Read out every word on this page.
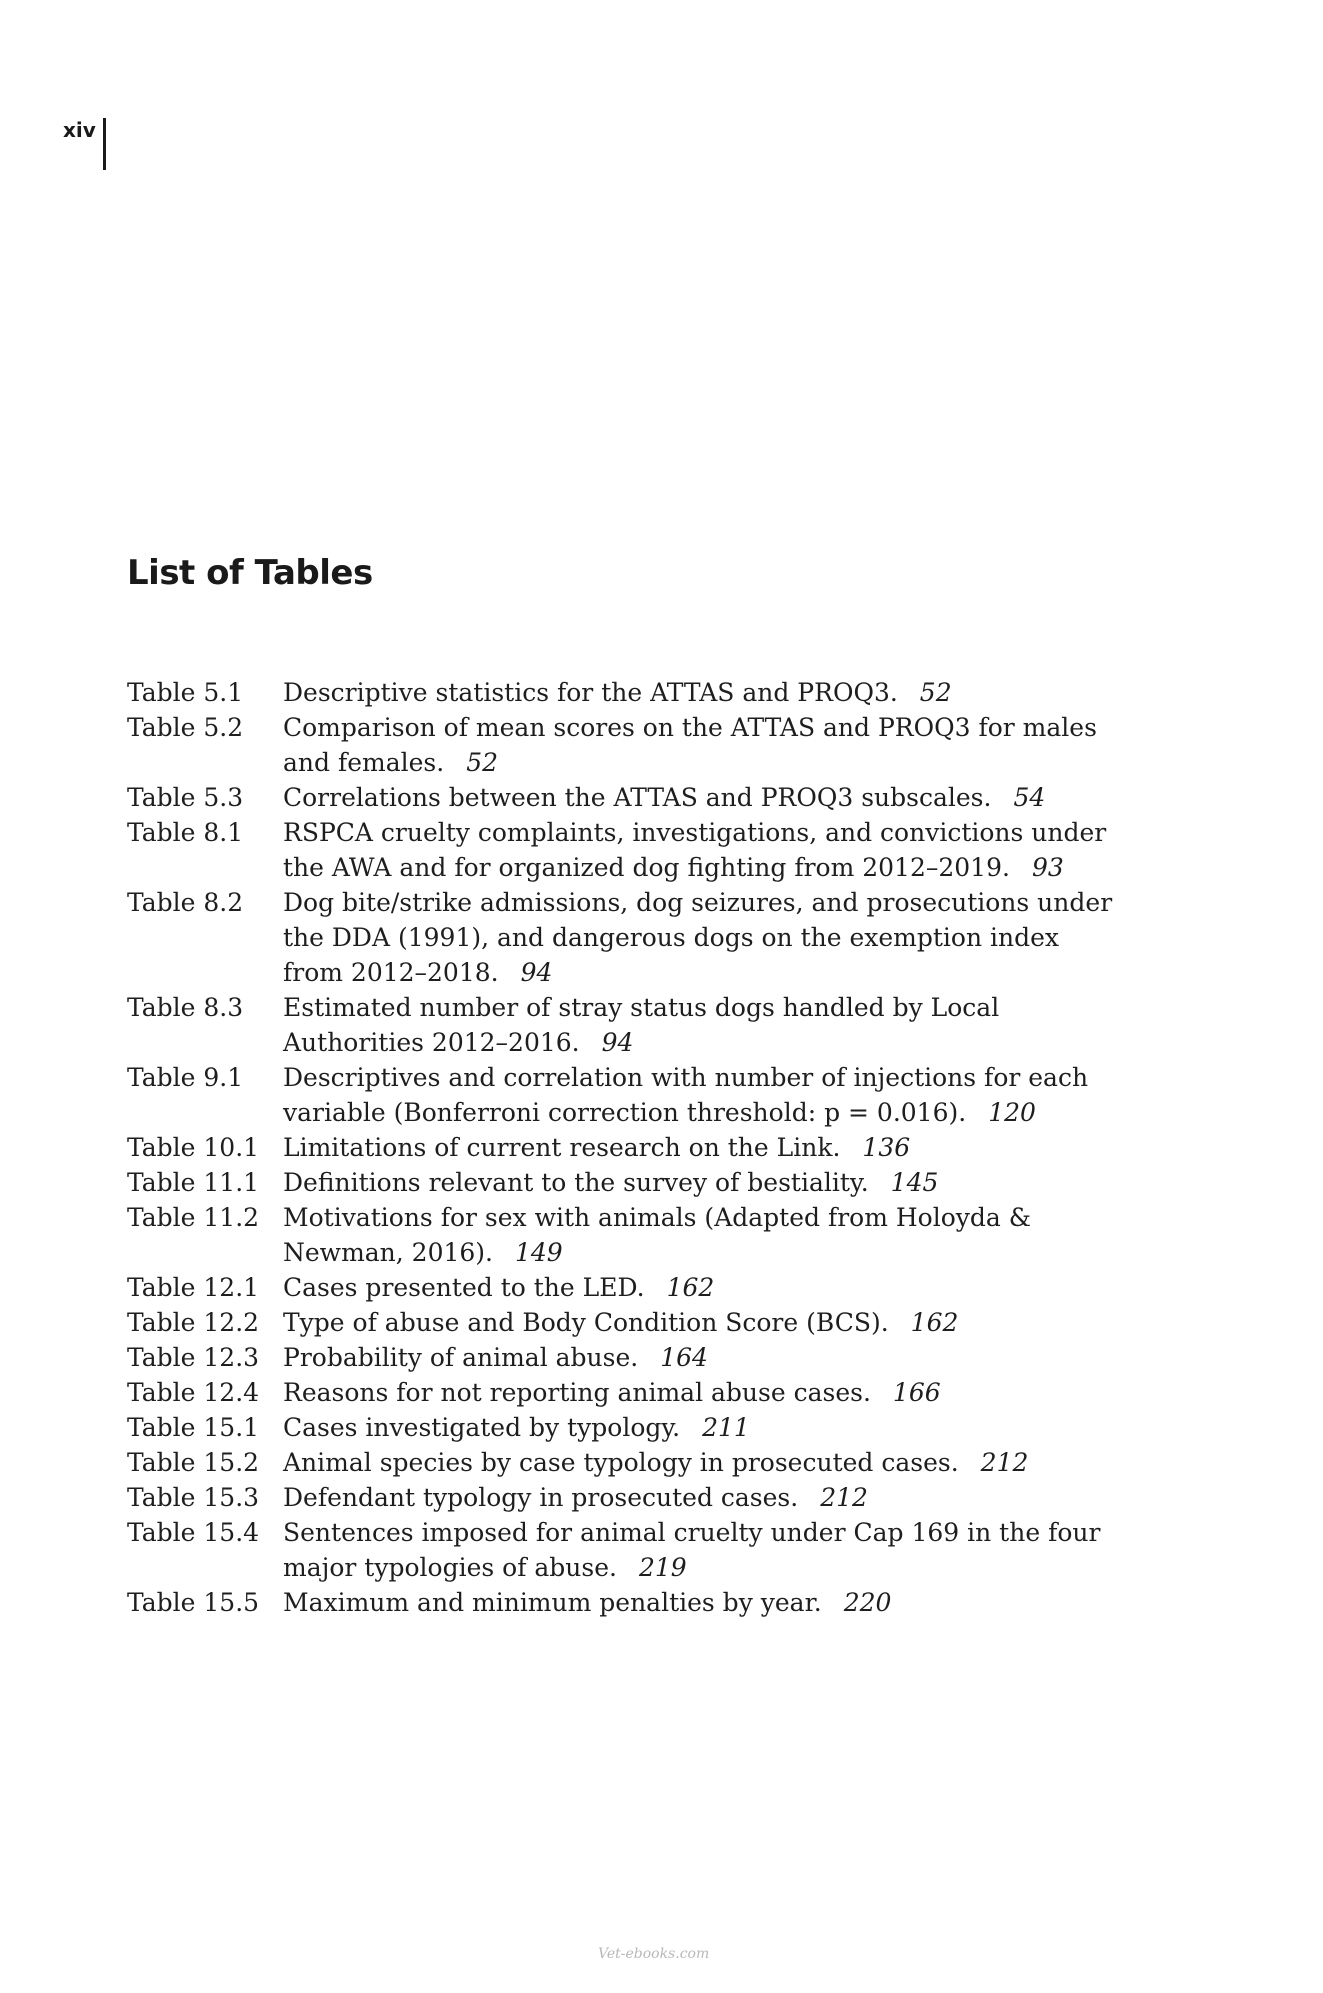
xiv
List of Tables
Table 5.1	Descriptive statistics for the ATTAS and PROQ3. 52
Table 5.2	Comparison of mean scores on the ATTAS and PROQ3 for males and females. 52
Table 5.3	Correlations between the ATTAS and PROQ3 subscales. 54
Table 8.1	RSPCA cruelty complaints, investigations, and convictions under the AWA and for organized dog fighting from 2012–2019. 93
Table 8.2	Dog bite/strike admissions, dog seizures, and prosecutions under the DDA (1991), and dangerous dogs on the exemption index from 2012–2018. 94
Table 8.3	Estimated number of stray status dogs handled by Local Authorities 2012–2016. 94
Table 9.1	Descriptives and correlation with number of injections for each variable (Bonferroni correction threshold: p = 0.016). 120
Table 10.1 Limitations of current research on the Link. 136
Table 11.1 Definitions relevant to the survey of bestiality. 145
Table 11.2 Motivations for sex with animals (Adapted from Holoyda & Newman, 2016). 149
Table 12.1 Cases presented to the LED. 162
Table 12.2 Type of abuse and Body Condition Score (BCS). 162
Table 12.3 Probability of animal abuse. 164
Table 12.4 Reasons for not reporting animal abuse cases. 166
Table 15.1 Cases investigated by typology. 211
Table 15.2 Animal species by case typology in prosecuted cases. 212
Table 15.3 Defendant typology in prosecuted cases. 212
Table 15.4 Sentences imposed for animal cruelty under Cap 169 in the four major typologies of abuse. 219
Table 15.5 Maximum and minimum penalties by year. 220
Vet-ebooks.com
